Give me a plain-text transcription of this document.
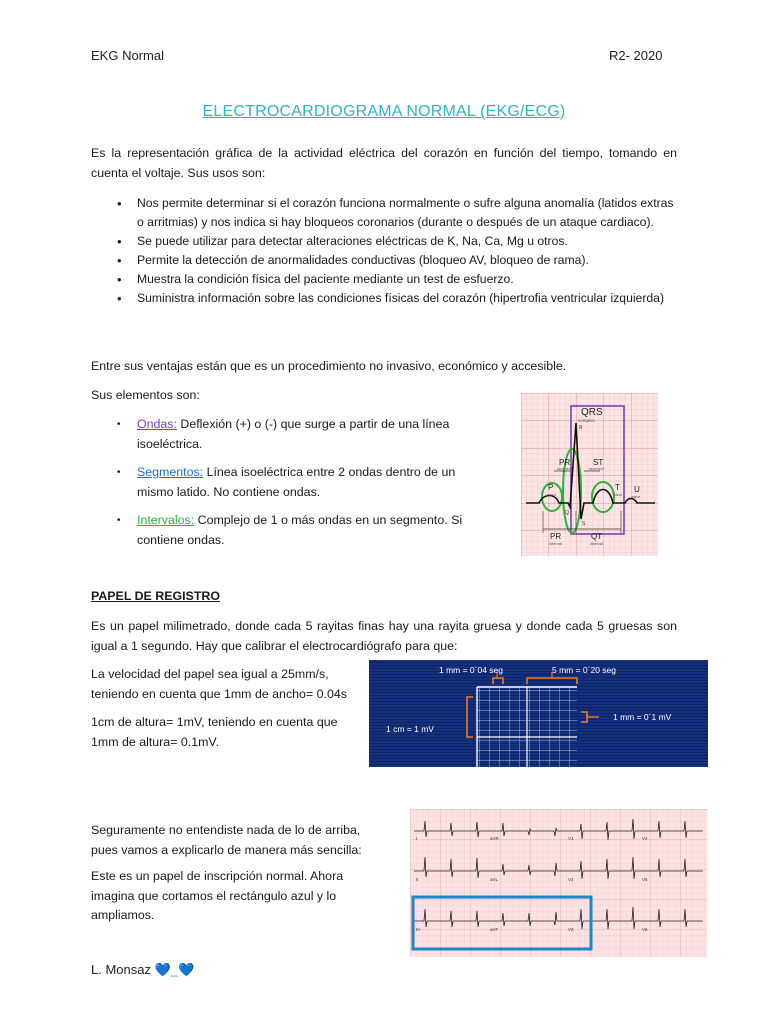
EKG Normal	R2- 2020
ELECTROCARDIOGRAMA NORMAL (EKG/ECG)
Es la representación gráfica de la actividad eléctrica del corazón en función del tiempo, tomando en cuenta el voltaje. Sus usos son:
• Nos permite determinar si el corazón funciona normalmente o sufre alguna anomalía (latidos extras o arritmias) y nos indica si hay bloqueos coronarios (durante o después de un ataque cardiaco).
• Se puede utilizar para detectar alteraciones eléctricas de K, Na, Ca, Mg u otros.
• Permite la detección de anormalidades conductivas (bloqueo AV, bloqueo de rama).
• Muestra la condición física del paciente mediante un test de esfuerzo.
• Suministra información sobre las condiciones físicas del corazón (hipertrofia ventricular izquierda)
Entre sus ventajas están que es un procedimiento no invasivo, económico y accesible.
Sus elementos son:
• Ondas: Deflexión (+) o (-) que surge a partir de una línea isoeléctrica.
• Segmentos: Línea isoeléctrica entre 2 ondas dentro de un mismo latido. No contiene ondas.
• Intervalos: Complejo de 1 o más ondas en un segmento. Si contiene ondas.
QRS
complex
PR
segment
ST
segment
P
wave
T
wave
U
wave
R
Q
S
PR
interval
QT
interval
PAPEL DE REGISTRO
Es un papel milimetrado, donde cada 5 rayitas finas hay una rayita gruesa y donde cada 5 gruesas son igual a 1 segundo. Hay que calibrar el electrocardiógrafo para que:
La velocidad del papel sea igual a 25mm/s, teniendo en cuenta que 1mm de ancho= 0.04s
1cm de altura= 1mV, teniendo en cuenta que 1mm de altura= 0.1mV.
1 mm = 0´04 seg	5 mm = 0´20 seg
1 cm = 1 mV
1 mm = 0´1 mV
Seguramente no entendiste nada de lo de arriba, pues vamos a explicarlo de manera más sencilla:
Este es un papel de inscripción normal. Ahora imagina que cortamos el rectángulo azul y lo ampliamos.
I	aVR	V1	V4
II	aVL	V2	V5
III	aVF	V3	V6
L. Monsaz 💙_💙
